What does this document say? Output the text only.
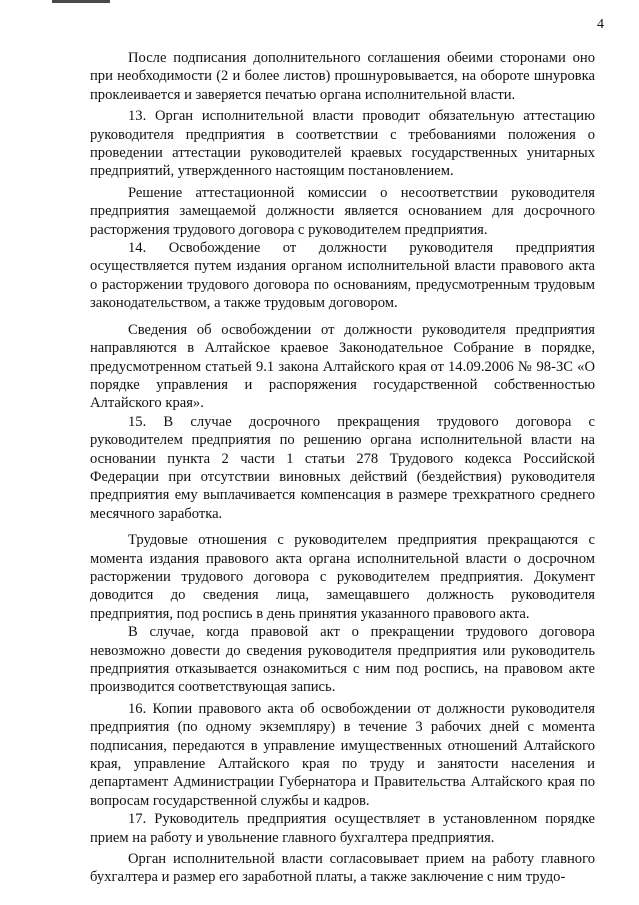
4

После подписания дополнительного соглашения обеими сторонами оно при необходимости (2 и более листов) прошнуровывается, на обороте шнуровка проклеивается и заверяется печатью органа исполнительной власти.

13. Орган исполнительной власти проводит обязательную аттестацию руководителя предприятия в соответствии с требованиями положения о проведении аттестации руководителей краевых государственных унитарных предприятий, утвержденного настоящим постановлением.

Решение аттестационной комиссии о несоответствии руководителя предприятия замещаемой должности является основанием для досрочного расторжения трудового договора с руководителем предприятия.

14. Освобождение от должности руководителя предприятия осуществляется путем издания органом исполнительной власти правового акта о расторжении трудового договора по основаниям, предусмотренным трудовым законодательством, а также трудовым договором.

Сведения об освобождении от должности руководителя предприятия направляются в Алтайское краевое Законодательное Собрание в порядке, предусмотренном статьей 9.1 закона Алтайского края от 14.09.2006 № 98-ЗС «О порядке управления и распоряжения государственной собственностью Алтайского края».

15. В случае досрочного прекращения трудового договора с руководителем предприятия по решению органа исполнительной власти на основании пункта 2 части 1 статьи 278 Трудового кодекса Российской Федерации при отсутствии виновных действий (бездействия) руководителя предприятия ему выплачивается компенсация в размере трехкратного среднего месячного заработка.

Трудовые отношения с руководителем предприятия прекращаются с момента издания правового акта органа исполнительной власти о досрочном расторжении трудового договора с руководителем предприятия. Документ доводится до сведения лица, замещавшего должность руководителя предприятия, под роспись в день принятия указанного правового акта.

В случае, когда правовой акт о прекращении трудового договора невозможно довести до сведения руководителя предприятия или руководитель предприятия отказывается ознакомиться с ним под роспись, на правовом акте производится соответствующая запись.

16. Копии правового акта об освобождении от должности руководителя предприятия (по одному экземпляру) в течение 3 рабочих дней с момента подписания, передаются в управление имущественных отношений Алтайского края, управление Алтайского края по труду и занятости населения и департамент Администрации Губернатора и Правительства Алтайского края по вопросам государственной службы и кадров.

17. Руководитель предприятия осуществляет в установленном порядке прием на работу и увольнение главного бухгалтера предприятия.

Орган исполнительной власти согласовывает прием на работу главного бухгалтера и размер его заработной платы, а также заключение с ним трудо-
